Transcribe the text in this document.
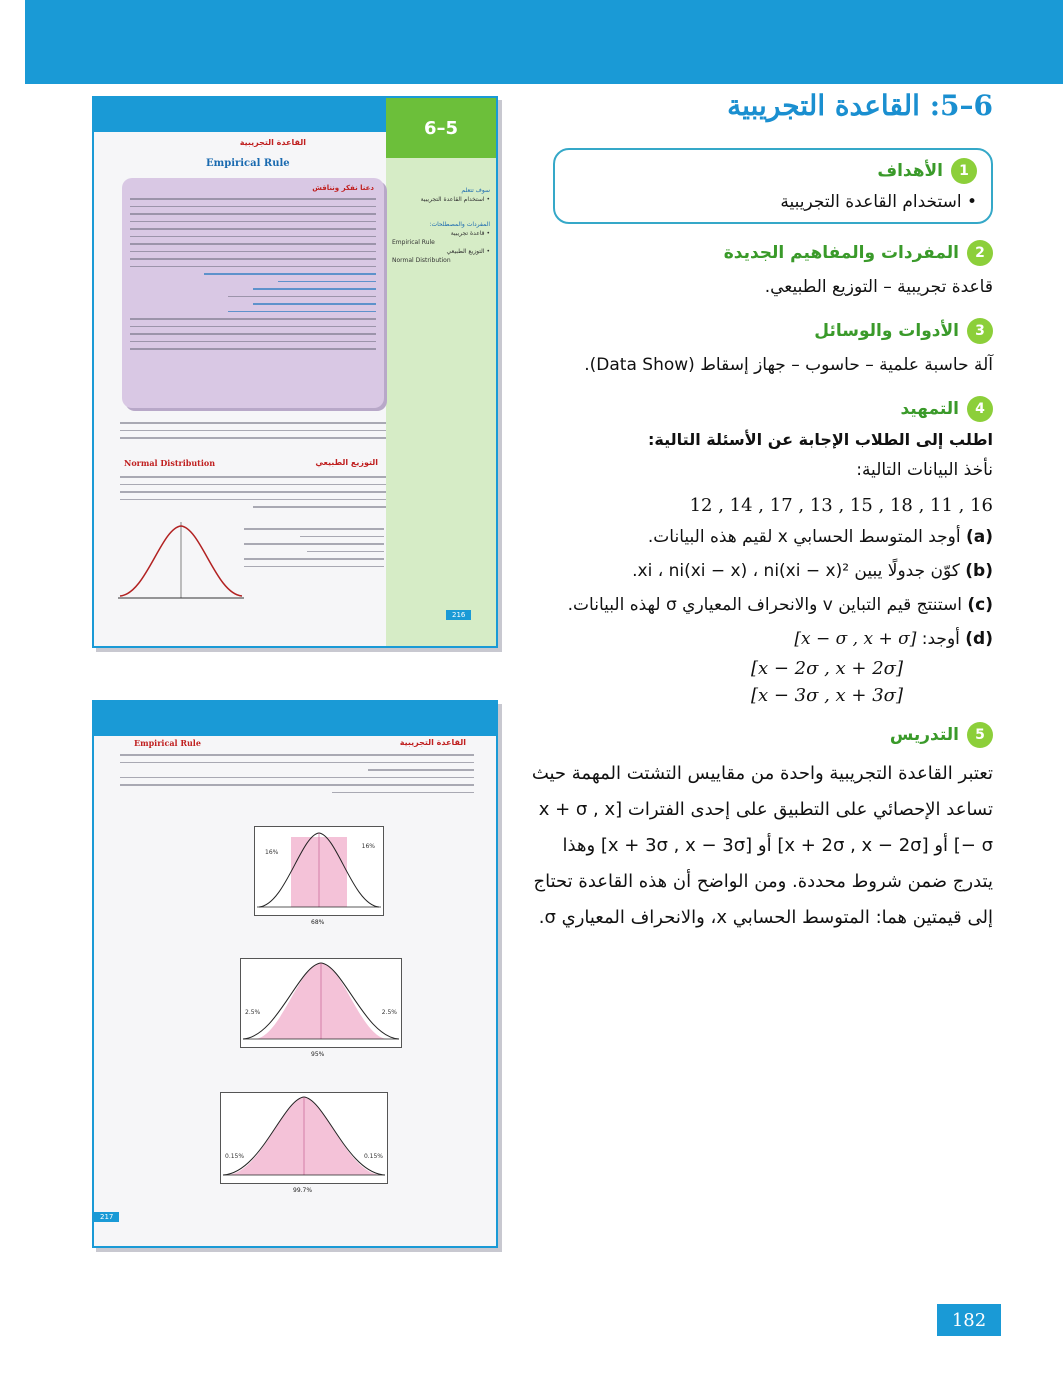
6–5
سوف تتعلم
• استخدام القاعدة التجريبية
المفردات والمصطلحات:
• قاعدة تجريبية
Empirical Rule
• التوزيع الطبيعي
Normal Distribution
القاعدة التجريبية
Empirical Rule
دعنا نفكر ونناقش
التوزيع الطبيعي
Normal Distribution
216
القاعدة التجريبية
Empirical Rule
16%
16%
68%
2.5%	2.5%
95%
0.15%	0.15%
99.7%
217
6–5: القاعدة التجريبية
1
الأهداف
• استخدام القاعدة التجريبية
2
المفردات والمفاهيم الجديدة
قاعدة تجريبية – التوزيع الطبيعي.
3
الأدوات والوسائل
آلة حاسبة علمية – حاسوب – جهاز إسقاط (Data Show).
4
التمهيد
اطلب إلى الطلاب الإجابة عن الأسئلة التالية:
نأخذ البيانات التالية:
12 , 14 , 17 , 13 , 15 , 18 , 11 , 16
(a) أوجد المتوسط الحسابي x لقيم هذه البيانات.
(b) كوّن جدولًا يبين xi ، ni(xi − x) ، ni(xi − x)².
(c) استنتج قيم التباين v والانحراف المعياري σ لهذه البيانات.
(d) أوجد: [x − σ , x + σ]
[x − 2σ , x + 2σ]
[x − 3σ , x + 3σ]
5
التدريس
تعتبر القاعدة التجريبية واحدة من مقاييس التشتت المهمة حيث تساعد الإحصائي على التطبيق على إحدى الفترات [x + σ , x − σ] أو [x + 2σ , x − 2σ] أو [x + 3σ , x − 3σ] وهذا يتدرج ضمن شروط محددة. ومن الواضح أن هذه القاعدة تحتاج إلى قيمتين هما: المتوسط الحسابي x، والانحراف المعياري σ.
182
